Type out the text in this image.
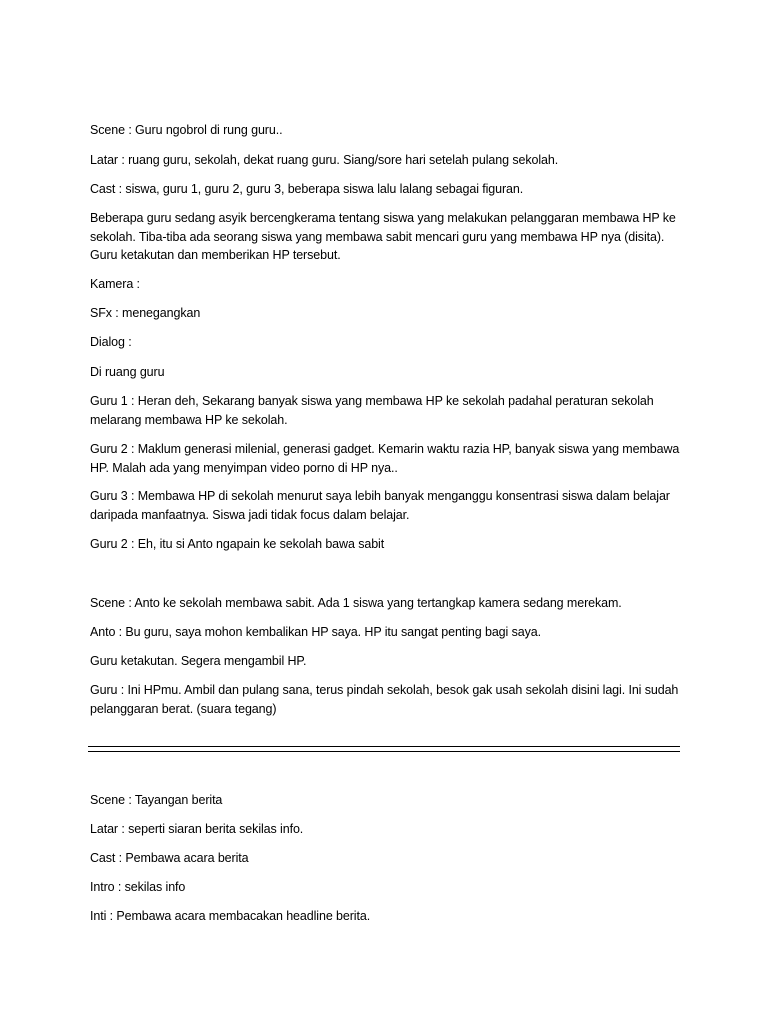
Scene : Guru ngobrol di rung guru..

Latar : ruang guru, sekolah, dekat ruang guru. Siang/sore hari setelah pulang sekolah.

Cast : siswa, guru 1, guru 2, guru 3, beberapa siswa lalu lalang sebagai figuran.

Beberapa guru sedang asyik bercengkerama tentang siswa yang melakukan pelanggaran membawa HP ke sekolah. Tiba-tiba ada seorang siswa yang membawa sabit mencari guru yang membawa HP nya (disita). Guru ketakutan dan memberikan HP tersebut.

Kamera :

SFx : menegangkan

Dialog :

Di ruang guru

Guru 1 : Heran deh, Sekarang banyak siswa yang membawa HP ke sekolah padahal peraturan sekolah melarang membawa HP ke sekolah.

Guru 2 : Maklum generasi milenial, generasi gadget. Kemarin waktu razia HP, banyak siswa yang membawa HP. Malah ada yang menyimpan video porno di HP nya..

Guru 3 : Membawa HP di sekolah menurut saya lebih banyak menganggu konsentrasi siswa dalam belajar daripada manfaatnya. Siswa jadi tidak focus dalam belajar.

Guru 2 : Eh, itu si Anto ngapain ke sekolah bawa sabit

Scene : Anto ke sekolah membawa sabit. Ada 1 siswa yang tertangkap kamera sedang merekam.

Anto : Bu guru, saya mohon kembalikan HP saya. HP itu sangat penting bagi saya.

Guru ketakutan. Segera mengambil HP.

Guru : Ini HPmu. Ambil dan pulang sana, terus pindah sekolah, besok gak usah sekolah disini lagi. Ini sudah pelanggaran berat. (suara tegang)

Scene : Tayangan berita

Latar : seperti siaran berita sekilas info.

Cast : Pembawa acara berita

Intro : sekilas info

Inti : Pembawa acara membacakan headline berita.
